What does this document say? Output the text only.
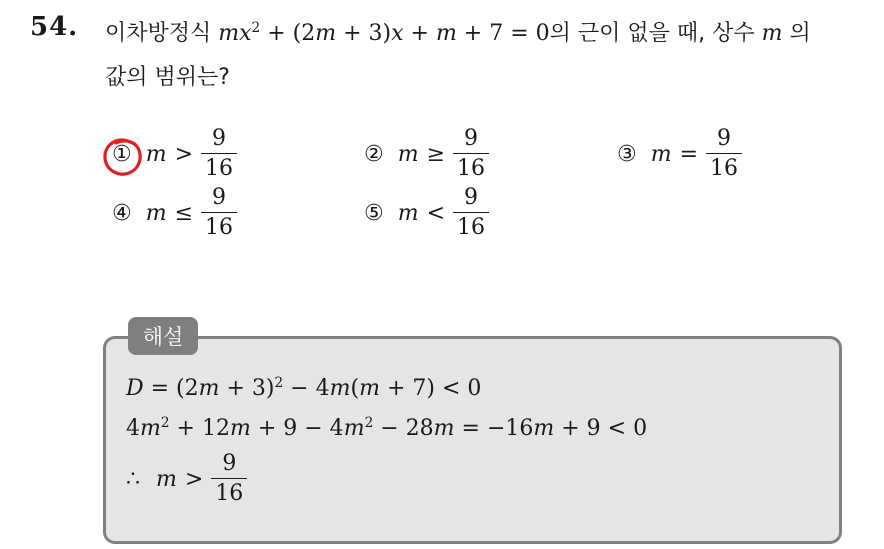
54. 이차방정식 $mx^2 + (2m + 3)x + m + 7 = 0$의 근이 없을 때, 상수 m 의
값의 범위는?
① $m > \frac{9}{16}$	② $m \ge \frac{9}{16}$	③ $m = \frac{9}{16}$
④ $m \le \frac{9}{16}$	⑤ $m < \frac{9}{16}$
해설
$D = (2m + 3)^2 - 4m(m + 7) < 0$
$4m^2 + 12m + 9 - 4m^2 - 28m = -16m + 9 < 0$
∴ $m > \frac{9}{16}$
